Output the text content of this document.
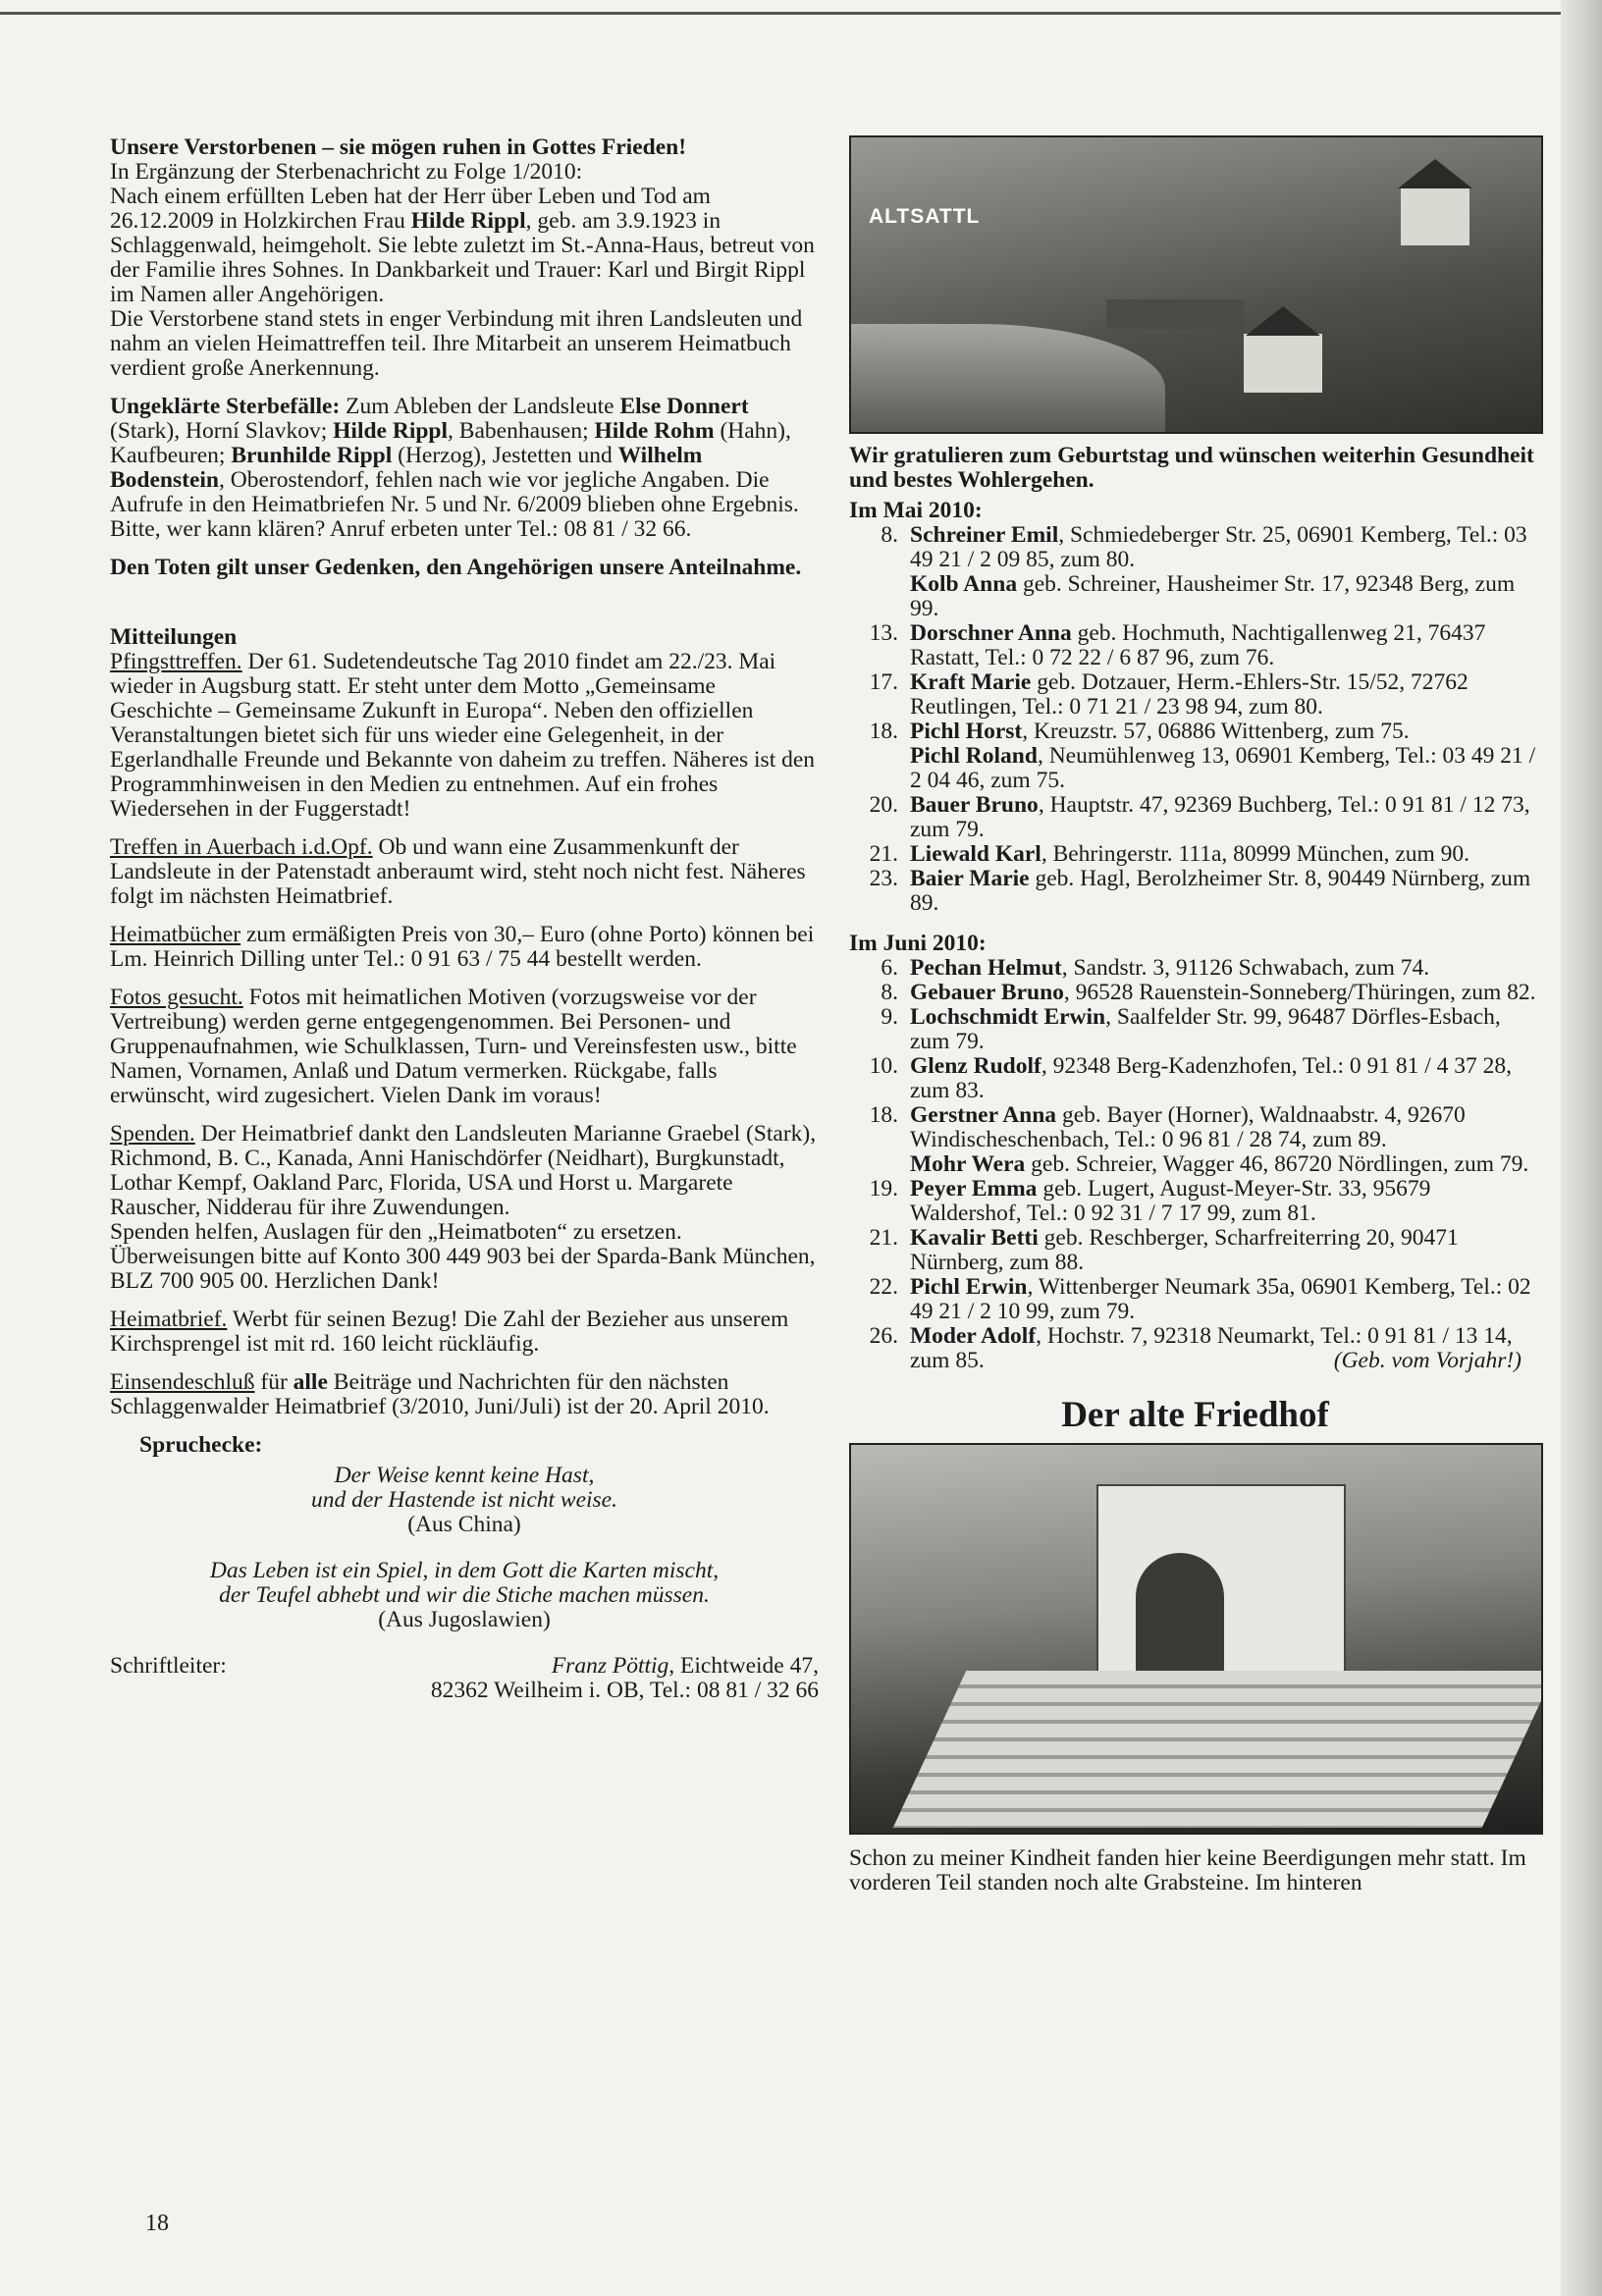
Unsere Verstorbenen – sie mögen ruhen in Gottes Frieden!

In Ergänzung der Sterbenachricht zu Folge 1/2010:

Nach einem erfüllten Leben hat der Herr über Leben und Tod am 26.12.2009 in Holzkirchen Frau Hilde Rippl, geb. am 3.9.1923 in Schlaggenwald, heimgeholt. Sie lebte zuletzt im St.-Anna-Haus, betreut von der Familie ihres Sohnes. In Dankbarkeit und Trauer: Karl und Birgit Rippl im Namen aller Angehörigen.

Die Verstorbene stand stets in enger Verbindung mit ihren Landsleuten und nahm an vielen Heimattreffen teil. Ihre Mitarbeit an unserem Heimatbuch verdient große Anerkennung.

Ungeklärte Sterbefälle: Zum Ableben der Landsleute Else Donnert (Stark), Horní Slavkov; Hilde Rippl, Babenhausen; Hilde Rohm (Hahn), Kaufbeuren; Brunhilde Rippl (Herzog), Jestetten und Wilhelm Bodenstein, Oberostendorf, fehlen nach wie vor jegliche Angaben. Die Aufrufe in den Heimatbriefen Nr. 5 und Nr. 6/2009 blieben ohne Ergebnis. Bitte, wer kann klären? Anruf erbeten unter Tel.: 08 81 / 32 66.

Den Toten gilt unser Gedenken, den Angehörigen unsere Anteilnahme.

Mitteilungen

Pfingsttreffen. Der 61. Sudetendeutsche Tag 2010 findet am 22./23. Mai wieder in Augsburg statt. Er steht unter dem Motto „Gemeinsame Geschichte – Gemeinsame Zukunft in Europa“. Neben den offiziellen Veranstaltungen bietet sich für uns wieder eine Gelegenheit, in der Egerlandhalle Freunde und Bekannte von daheim zu treffen. Näheres ist den Programmhinweisen in den Medien zu entnehmen. Auf ein frohes Wiedersehen in der Fuggerstadt!

Treffen in Auerbach i.d.Opf. Ob und wann eine Zusammenkunft der Landsleute in der Patenstadt anberaumt wird, steht noch nicht fest. Näheres folgt im nächsten Heimatbrief.

Heimatbücher zum ermäßigten Preis von 30,– Euro (ohne Porto) können bei Lm. Heinrich Dilling unter Tel.: 0 91 63 / 75 44 bestellt werden.

Fotos gesucht. Fotos mit heimatlichen Motiven (vorzugsweise vor der Vertreibung) werden gerne entgegengenommen. Bei Personen- und Gruppenaufnahmen, wie Schulklassen, Turn- und Vereinsfesten usw., bitte Namen, Vornamen, Anlaß und Datum vermerken. Rückgabe, falls erwünscht, wird zugesichert. Vielen Dank im voraus!

Spenden. Der Heimatbrief dankt den Landsleuten Marianne Graebel (Stark), Richmond, B. C., Kanada, Anni Hanischdörfer (Neidhart), Burgkunstadt, Lothar Kempf, Oakland Parc, Florida, USA und Horst u. Margarete Rauscher, Nidderau für ihre Zuwendungen.

Spenden helfen, Auslagen für den „Heimatboten“ zu ersetzen. Überweisungen bitte auf Konto 300 449 903 bei der Sparda-Bank München, BLZ 700 905 00. Herzlichen Dank!

Heimatbrief. Werbt für seinen Bezug! Die Zahl der Bezieher aus unserem Kirchsprengel ist mit rd. 160 leicht rückläufig.

Einsendeschluß für alle Beiträge und Nachrichten für den nächsten Schlaggenwalder Heimatbrief (3/2010, Juni/Juli) ist der 20. April 2010.

Spruchecke:

Der Weise kennt keine Hast,

und der Hastende ist nicht weise.

(Aus China)

Das Leben ist ein Spiel, in dem Gott die Karten mischt,

der Teufel abhebt und wir die Stiche machen müssen.

(Aus Jugoslawien)

Schriftleiter:	Franz Pöttig, Eichtweide 47,
82362 Weilheim i. OB, Tel.: 08 81 / 32 66
ALTSATTL

Wir gratulieren zum Geburtstag und wünschen weiterhin Gesundheit und bestes Wohlergehen.

Im Mai 2010:

8. Schreiner Emil, Schmiedeberger Str. 25, 06901 Kemberg, Tel.: 03 49 21 / 2 09 85, zum 80.
Kolb Anna geb. Schreiner, Hausheimer Str. 17, 92348 Berg, zum 99.
13. Dorschner Anna geb. Hochmuth, Nachtigallenweg 21, 76437 Rastatt, Tel.: 0 72 22 / 6 87 96, zum 76.
17. Kraft Marie geb. Dotzauer, Herm.-Ehlers-Str. 15/52, 72762 Reutlingen, Tel.: 0 71 21 / 23 98 94, zum 80.
18. Pichl Horst, Kreuzstr. 57, 06886 Wittenberg, zum 75.
Pichl Roland, Neumühlenweg 13, 06901 Kemberg, Tel.: 03 49 21 / 2 04 46, zum 75.
20. Bauer Bruno, Hauptstr. 47, 92369 Buchberg, Tel.: 0 91 81 / 12 73, zum 79.
21. Liewald Karl, Behringerstr. 111a, 80999 München, zum 90.
23. Baier Marie geb. Hagl, Berolzheimer Str. 8, 90449 Nürnberg, zum 89.

Im Juni 2010:

6. Pechan Helmut, Sandstr. 3, 91126 Schwabach, zum 74.
8. Gebauer Bruno, 96528 Rauenstein-Sonneberg/Thüringen, zum 82.
9. Lochschmidt Erwin, Saalfelder Str. 99, 96487 Dörfles-Esbach, zum 79.
10. Glenz Rudolf, 92348 Berg-Kadenzhofen, Tel.: 0 91 81 / 4 37 28, zum 83.
18. Gerstner Anna geb. Bayer (Horner), Waldnaabstr. 4, 92670 Windischeschenbach, Tel.: 0 96 81 / 28 74, zum 89.
Mohr Wera geb. Schreier, Wagger 46, 86720 Nördlingen, zum 79.
19. Peyer Emma geb. Lugert, August-Meyer-Str. 33, 95679 Waldershof, Tel.: 0 92 31 / 7 17 99, zum 81.
21. Kavalir Betti geb. Reschberger, Scharfreiterring 20, 90471 Nürnberg, zum 88.
22. Pichl Erwin, Wittenberger Neumark 35a, 06901 Kemberg, Tel.: 02 49 21 / 2 10 99, zum 79.
26. Moder Adolf, Hochstr. 7, 92318 Neumarkt, Tel.: 0 91 81 / 13 14, zum 85.	(Geb. vom Vorjahr!)

Der alte Friedhof

Schon zu meiner Kindheit fanden hier keine Beerdigungen mehr statt. Im vorderen Teil standen noch alte Grabsteine. Im hinteren

18
